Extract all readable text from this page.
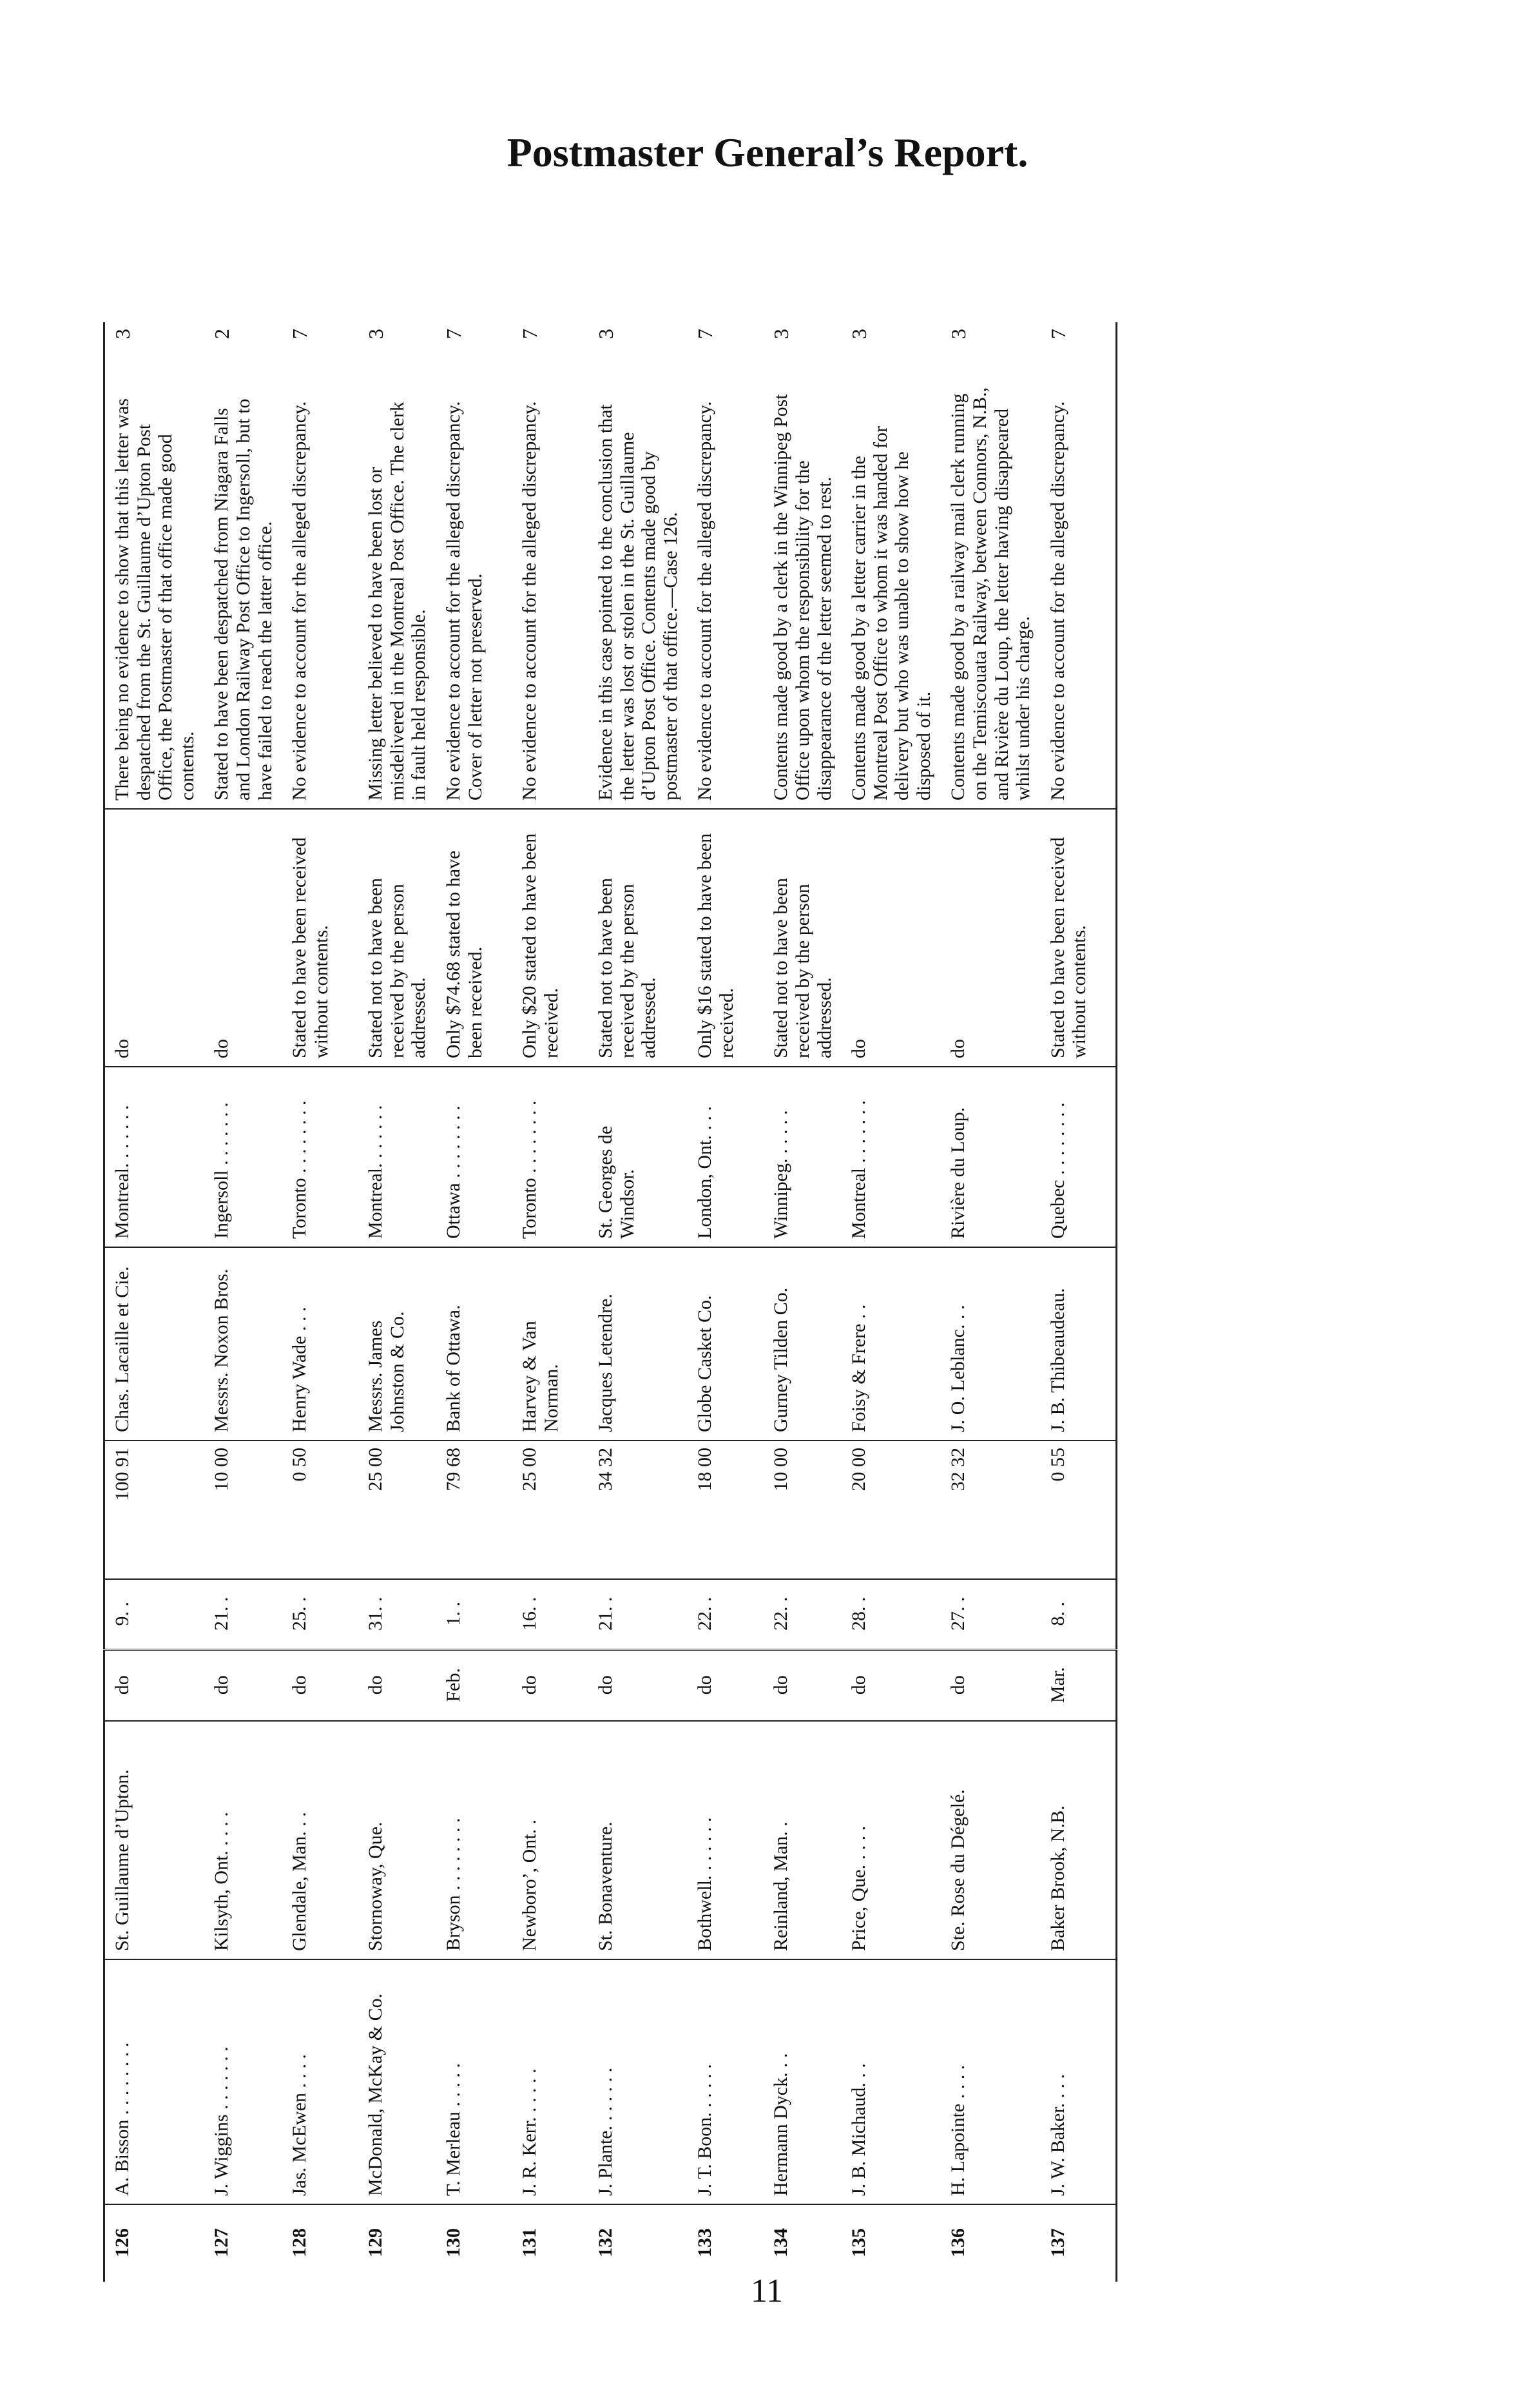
Postmaster General’s Report.
126	A. Bisson . . . . . . . .	St. Guillaume d’Upton.	do	9. .	100 91	Chas. Lacaille et Cie.	Montreal. . . . . . .	do	There being no evidence to show that this letter was despatched from the St. Guillaume d’Upton Post Office, the Postmaster of that office made good contents.	3
127	J. Wiggins . . . . . . .	Kilsyth, Ont. . . . .	do	21. .	10 00	Messrs. Noxon Bros.	Ingersoll . . . . . . .	do	Stated to have been despatched from Niagara Falls and London Railway Post Office to Ingersoll, but to have failed to reach the latter office.	2
128	Jas. McEwen . . . .	Glendale, Man. . .	do	25. .	0 50	Henry Wade . . .	Toronto . . . . . . . .	Stated to have been received without contents.	No evidence to account for the alleged discrepancy.	7
129	McDonald, McKay & Co.	Stornoway, Que.	do	31. .	25 00	Messrs. James Johnston & Co.	Montreal. . . . . . .	Stated not to have been received by the person addressed.	Missing letter believed to have been lost or misdelivered in the Montreal Post Office. The clerk in fault held responsible.	3
130	T. Merleau . . . . .	Bryson . . . . . . . .	Feb.	1. .	79 68	Bank of Ottawa.	Ottawa . . . . . . . .	Only $74.68 stated to have been received.	No evidence to account for the alleged discrepancy. Cover of letter not preserved.	7
131	J. R. Kerr. . . . . .	Newboro’, Ont. .	do	16. .	25 00	Harvey & Van Norman.	Toronto . . . . . . . .	Only $20 stated to have been received.	No evidence to account for the alleged discrepancy.	7
132	J. Plante. . . . . . .	St. Bonaventure.	do	21. .	34 32	Jacques Letendre.	St. Georges de Windsor.	Stated not to have been received by the person addressed.	Evidence in this case pointed to the conclusion that the letter was lost or stolen in the St. Guillaume d’Upton Post Office. Contents made good by postmaster of that office.—Case 126.	3
133	J. T. Boon. . . . . .	Bothwell. . . . . . .	do	22. .	18 00	Globe Casket Co.	London, Ont. . . .	Only $16 stated to have been received.	No evidence to account for the alleged discrepancy.	7
134	Hermann Dyck. . .	Reinland, Man. .	do	22. .	10 00	Gurney Tilden Co.	Winnipeg. . . . . .	Stated not to have been received by the person addressed.	Contents made good by a clerk in the Winnipeg Post Office upon whom the responsibility for the disappearance of the letter seemed to rest.	3
135	J. B. Michaud. . .	Price, Que. . . . .	do	28. .	20 00	Foisy & Frere . .	Montreal . . . . . . .	do	Contents made good by a letter carrier in the Montreal Post Office to whom it was handed for delivery but who was unable to show how he disposed of it.	3
136	H. Lapointe . . . .	Ste. Rose du Dégelé.	do	27. .	32 32	J. O. Leblanc. . .	Rivière du Loup.	do	Contents made good by a railway mail clerk running on the Temiscouata Railway, between Connors, N.B., and Rivière du Loup, the letter having disappeared whilst under his charge.	3
137	J. W. Baker. . . .	Baker Brook, N.B.	Mar.	8. .	0 55	J. B. Thibeaudeau.	Quebec . . . . . . . .	Stated to have been received without contents.	No evidence to account for the alleged discrepancy.	7
11
